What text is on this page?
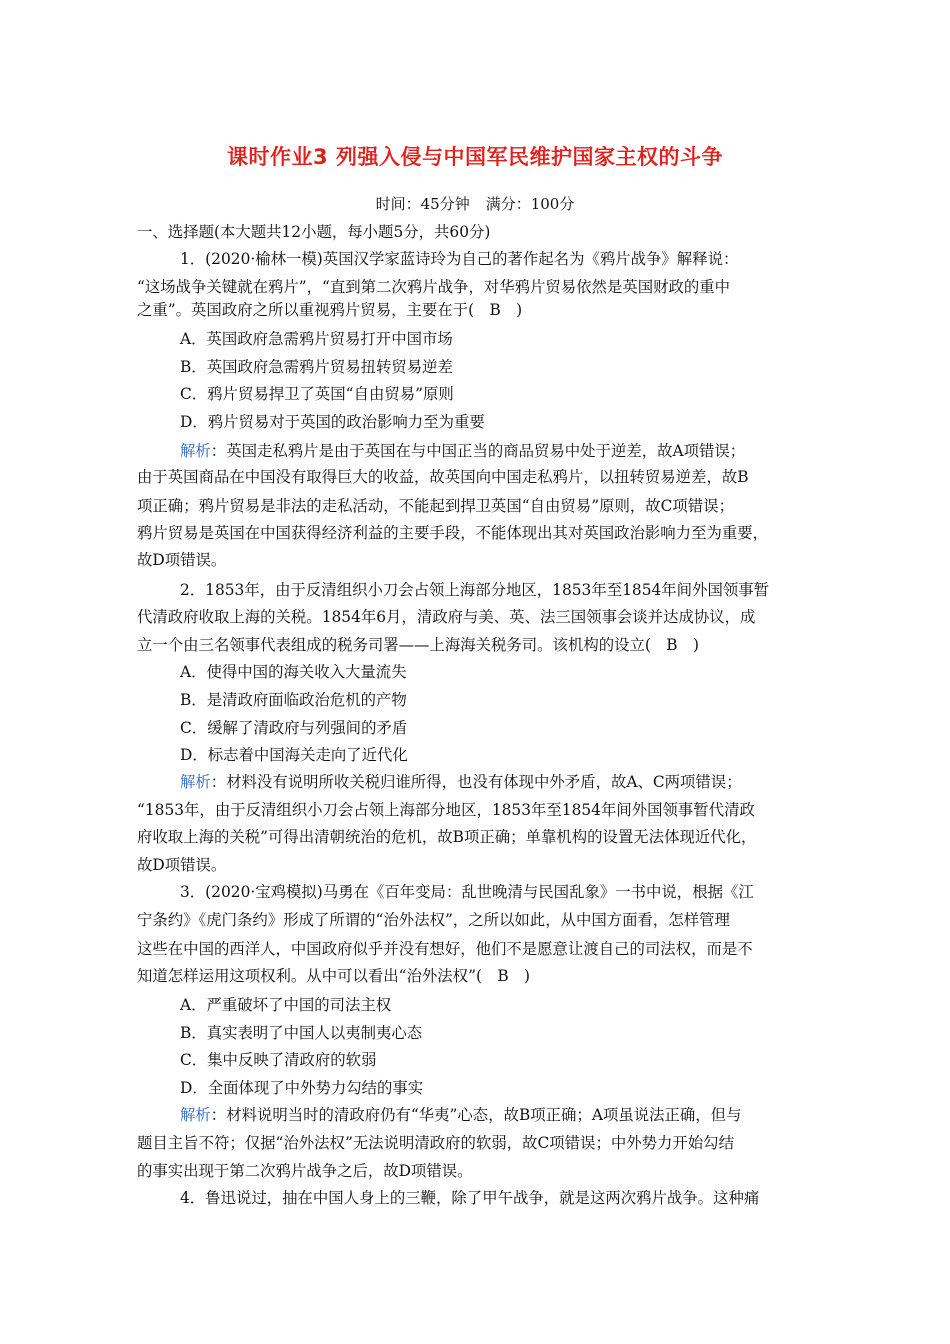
课时作业3 列强入侵与中国军民维护国家主权的斗争
时间：45分钟 满分：100分
一、选择题(本大题共12小题，每小题5分，共60分)
1．(2020·榆林一模)英国汉学家蓝诗玲为自己的著作起名为《鸦片战争》解释说：
“这场战争关键就在鸦片”，“直到第二次鸦片战争，对华鸦片贸易依然是英国财政的重中
之重”。英国政府之所以重视鸦片贸易，主要在于(　B　)
A．英国政府急需鸦片贸易打开中国市场
B．英国政府急需鸦片贸易扭转贸易逆差
C．鸦片贸易捍卫了英国“自由贸易”原则
D．鸦片贸易对于英国的政治影响力至为重要
解析：英国走私鸦片是由于英国在与中国正当的商品贸易中处于逆差，故A项错误；
由于英国商品在中国没有取得巨大的收益，故英国向中国走私鸦片，以扭转贸易逆差，故B
项正确；鸦片贸易是非法的走私活动，不能起到捍卫英国“自由贸易”原则，故C项错误；
鸦片贸易是英国在中国获得经济利益的主要手段，不能体现出其对英国政治影响力至为重要，
故D项错误。
2．1853年，由于反清组织小刀会占领上海部分地区，1853年至1854年间外国领事暂
代清政府收取上海的关税。1854年6月，清政府与美、英、法三国领事会谈并达成协议，成
立一个由三名领事代表组成的税务司署——上海海关税务司。该机构的设立(　B　)
A．使得中国的海关收入大量流失
B．是清政府面临政治危机的产物
C．缓解了清政府与列强间的矛盾
D．标志着中国海关走向了近代化
解析：材料没有说明所收关税归谁所得，也没有体现中外矛盾，故A、C两项错误；
“1853年，由于反清组织小刀会占领上海部分地区，1853年至1854年间外国领事暂代清政
府收取上海的关税”可得出清朝统治的危机，故B项正确；单靠机构的设置无法体现近代化，
故D项错误。
3．(2020·宝鸡模拟)马勇在《百年变局：乱世晚清与民国乱象》一书中说，根据《江
宁条约》《虎门条约》形成了所谓的“治外法权”，之所以如此，从中国方面看，怎样管理
这些在中国的西洋人，中国政府似乎并没有想好，他们不是愿意让渡自己的司法权，而是不
知道怎样运用这项权利。从中可以看出“治外法权”(　B　)
A．严重破坏了中国的司法主权
B．真实表明了中国人以夷制夷心态
C．集中反映了清政府的软弱
D．全面体现了中外势力勾结的事实
解析：材料说明当时的清政府仍有“华夷”心态，故B项正确；A项虽说法正确，但与
题目主旨不符；仅据“治外法权”无法说明清政府的软弱，故C项错误；中外势力开始勾结
的事实出现于第二次鸦片战争之后，故D项错误。
4．鲁迅说过，抽在中国人身上的三鞭，除了甲午战争，就是这两次鸦片战争。这种痛
